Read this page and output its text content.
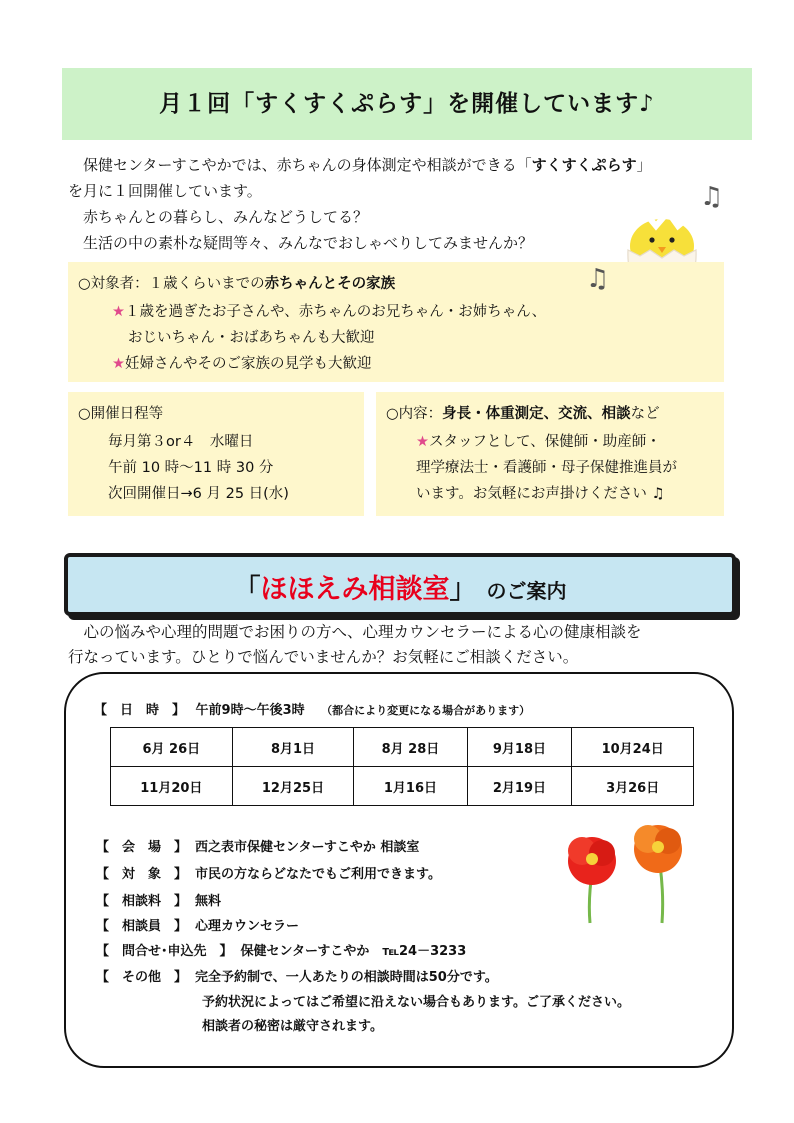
月１回「すくすくぷらす」を開催しています♪

保健センターすこやかでは、赤ちゃんの身体測定や相談ができる「すくすくぷらす」

を月に１回開催しています。

赤ちゃんとの暮らし、みんなどうしてる？

生活の中の素朴な疑問等々、みんなでおしゃべりしてみませんか？

♫
○対象者：１歳くらいまでの赤ちゃんとその家族
★１歳を過ぎたお子さんや、赤ちゃんのお兄ちゃん・お姉ちゃん、
おじいちゃん・おばあちゃんも大歓迎
★妊婦さんやそのご家族の見学も大歓迎
♫
○開催日程等
毎月第３or４　水曜日
午前 10 時～11 時 30 分
次回開催日→6 月 25 日(水)
○内容：身長・体重測定、交流、相談など
★スタッフとして、保健師・助産師・
理学療法士・看護師・母子保健推進員が
います。お気軽にお声掛けください ♫
「ほほえみ相談室」 のご案内

心の悩みや心理的問題でお困りの方へ、心理カウンセラーによる心の健康相談を

行なっています。ひとりで悩んでいませんか？お気軽にご相談ください。

【　日　時　】 午前9時～午後3時 （都合により変更になる場合があります）
6月 26日	8月1日	8月 28日	9月18日	10月24日
11月20日	12月25日	1月16日	2月19日	3月26日
【　会　場　】 西之表市保健センターすこやか 相談室
【　対　象　】 市民の方ならどなたでもご利用できます。
【　相談料　】 無料
【　相談員　】 心理カウンセラー
【　問合せ･申込先　】 保健センターすこやか　℡24－3233
【　その他　】 完全予約制で、一人あたりの相談時間は50分です。
予約状況によってはご希望に沿えない場合もあります。ご了承ください。
相談者の秘密は厳守されます。
